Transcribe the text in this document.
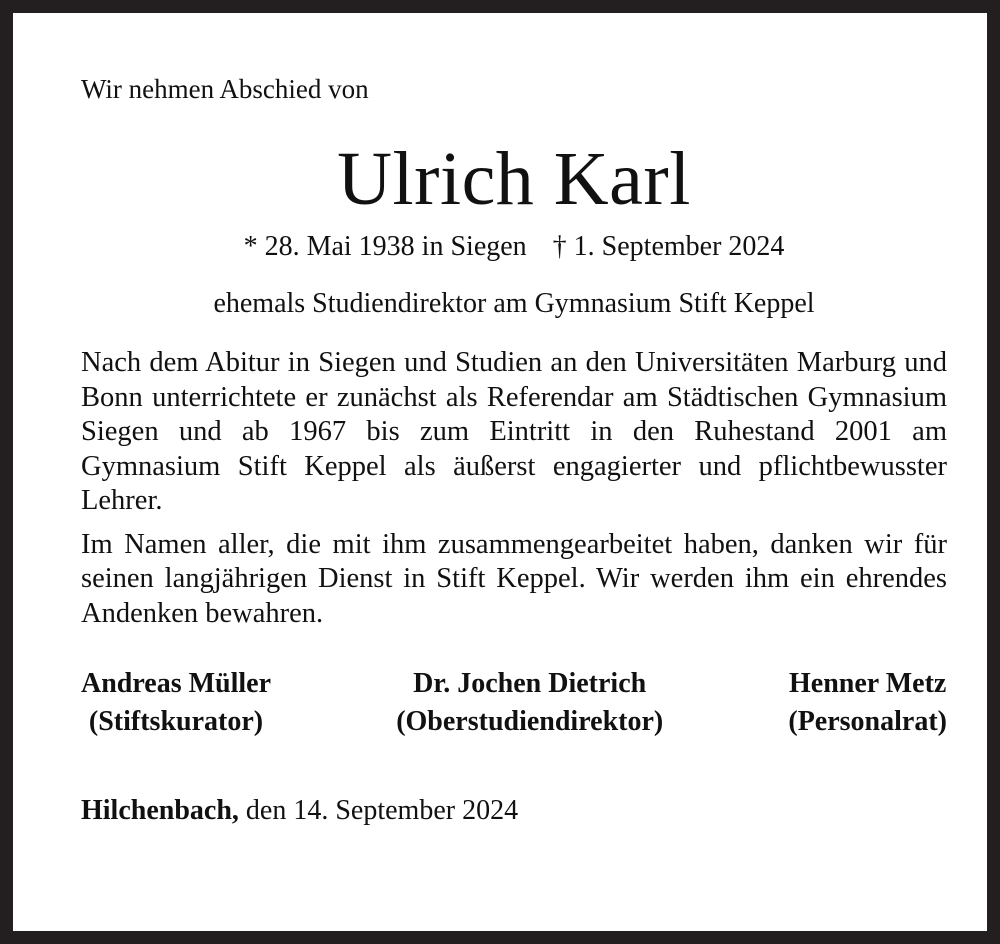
Wir nehmen Abschied von

Ulrich Karl

* 28. Mai 1938 in Siegen † 1. September 2024

ehemals Studiendirektor am Gymnasium Stift Keppel

Nach dem Abitur in Siegen und Studien an den Universitäten Marburg und Bonn unterrichtete er zunächst als Referendar am Städtischen Gymnasium Siegen und ab 1967 bis zum Eintritt in den Ruhestand 2001 am Gymnasium Stift Keppel als äußerst engagierter und pflichtbewusster Lehrer.

Im Namen aller, die mit ihm zusammengearbeitet haben, danken wir für seinen langjährigen Dienst in Stift Keppel. Wir werden ihm ein ehrendes Andenken bewahren.

Andreas Müller
(Stiftskurator)
Dr. Jochen Dietrich
(Oberstudiendirektor)
Henner Metz
(Personalrat)

Hilchenbach, den 14. September 2024
